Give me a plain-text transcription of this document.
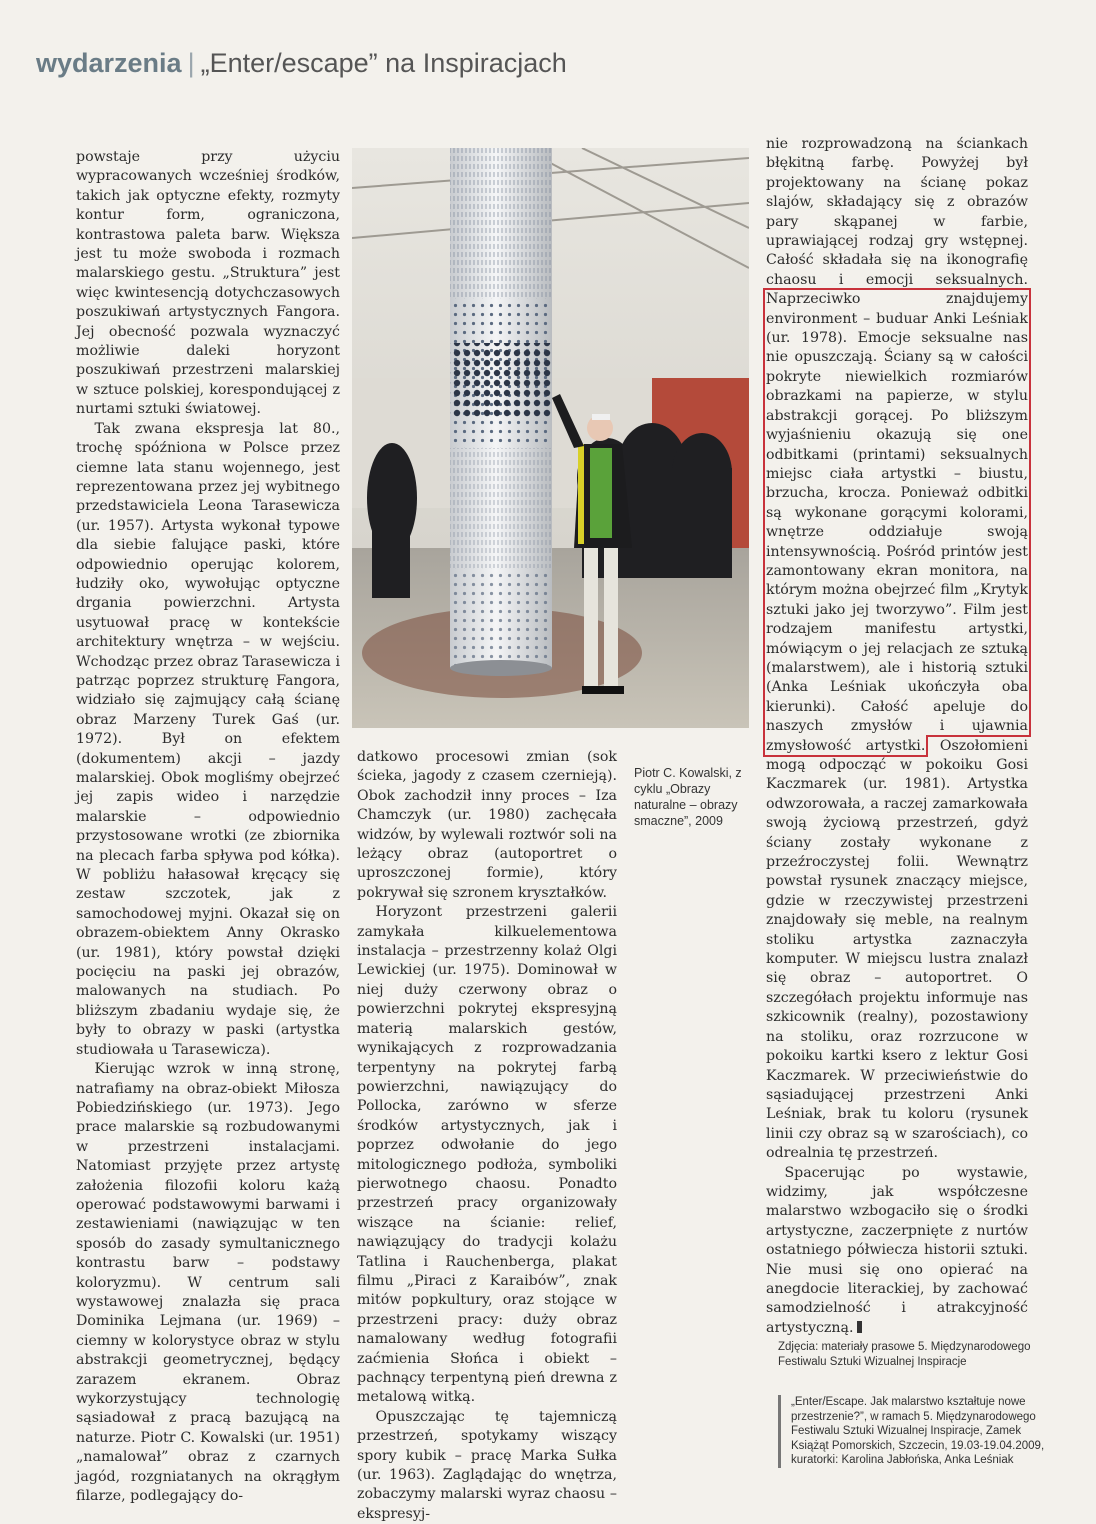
wydarzenia | „Enter/escape” na Inspiracjach

powstaje przy użyciu wypracowanych wcześniej środków, takich jak optyczne efekty, rozmyty kontur form, ograniczona, kontrastowa paleta barw. Większa jest tu może swoboda i rozmach malarskiego gestu. „Struktura” jest więc kwintesencją dotychczasowych poszukiwań artystycznych Fangora. Jej obecność pozwala wyznaczyć możliwie daleki horyzont poszukiwań przestrzeni malarskiej w sztuce polskiej, korespondującej z nurtami sztuki światowej.

Tak zwana ekspresja lat 80., trochę spóźniona w Polsce przez ciemne lata stanu wojennego, jest reprezentowana przez jej wybitnego przedstawiciela Leona Tarasewicza (ur. 1957). Artysta wykonał typowe dla siebie falujące paski, które odpowiednio operując kolorem, łudziły oko, wywołując optyczne drgania powierzchni. Artysta usytuował pracę w kontekście architektury wnętrza – w wejściu. Wchodząc przez obraz Tarasewicza i patrząc poprzez strukturę Fangora, widziało się zajmujący całą ścianę obraz Marzeny Turek Gaś (ur. 1972). Był on efektem (dokumentem) akcji – jazdy malarskiej. Obok mogliśmy obejrzeć jej zapis wideo i narzędzie malarskie – odpowiednio przystosowane wrotki (ze zbiornika na plecach farba spływa pod kółka). W pobliżu hałasował kręcący się zestaw szczotek, jak z samochodowej myjni. Okazał się on obrazem-obiektem Anny Okrasko (ur. 1981), który powstał dzięki pocięciu na paski jej obrazów, malowanych na studiach. Po bliższym zbadaniu wydaje się, że były to obrazy w paski (artystka studiowała u Tarasewicza).

Kierując wzrok w inną stronę, natrafiamy na obraz-obiekt Miłosza Pobiedzińskiego (ur. 1973). Jego prace malarskie są rozbudowanymi w przestrzeni instalacjami. Natomiast przyjęte przez artystę założenia filozofii koloru każą operować podstawowymi barwami i zestawieniami (nawiązując w ten sposób do zasady symultanicznego kontrastu barw – podstawy koloryzmu). W centrum sali wystawowej znalazła się praca Dominika Lejmana (ur. 1969) – ciemny w kolorystyce obraz w stylu abstrakcji geometrycznej, będący zarazem ekranem. Obraz wykorzystujący technologię sąsiadował z pracą bazującą na naturze. Piotr C. Kowalski (ur. 1951) „namalował” obraz z czarnych jagód, rozgniatanych na okrągłym filarze, podlegający do-

Piotr C. Kowalski, z cyklu „Obrazy naturalne – obrazy smaczne”, 2009

datkowo procesowi zmian (sok ścieka, jagody z czasem czernieją). Obok zachodził inny proces – Iza Chamczyk (ur. 1980) zachęcała widzów, by wylewali roztwór soli na leżący obraz (autoportret o uproszczonej formie), który pokrywał się szronem kryształków.

Horyzont przestrzeni galerii zamykała kilkuelementowa instalacja – przestrzenny kolaż Olgi Lewickiej (ur. 1975). Dominował w niej duży czerwony obraz o powierzchni pokrytej ekspresyjną materią malarskich gestów, wynikających z rozprowadzania terpentyny na pokrytej farbą powierzchni, nawiązujący do Pollocka, zarówno w sferze środków artystycznych, jak i poprzez odwołanie do jego mitologicznego podłoża, symboliki pierwotnego chaosu. Ponadto przestrzeń pracy organizowały wiszące na ścianie: relief, nawiązujący do tradycji kolażu Tatlina i Rauchenberga, plakat filmu „Piraci z Karaibów”, znak mitów popkultury, oraz stojące w przestrzeni pracy: duży obraz namalowany według fotografii zaćmienia Słońca i obiekt – pachnący terpentyną pień drewna z metalową witką.

Opuszczając tę tajemniczą przestrzeń, spotykamy wiszący spory kubik – pracę Marka Sułka (ur. 1963). Zaglądając do wnętrza, zobaczymy malarski wyraz chaosu – ekspresyj-

nie rozprowadzoną na ściankach błękitną farbę. Powyżej był projektowany na ścianę pokaz slajów, składający się z obrazów pary skąpanej w farbie, uprawiającej rodzaj gry wstępnej. Całość składała się na ikonografię chaosu i emocji seksualnych. Naprzeciwko znajdujemy environment – buduar Anki Leśniak (ur. 1978). Emocje seksualne nas nie opuszczają. Ściany są w całości pokryte niewielkich rozmiarów obrazkami na papierze, w stylu abstrakcji gorącej. Po bliższym wyjaśnieniu okazują się one odbitkami (printami) seksualnych miejsc ciała artystki – biustu, brzucha, krocza. Ponieważ odbitki są wykonane gorącymi kolorami, wnętrze oddziałuje swoją intensywnością. Pośród printów jest zamontowany ekran monitora, na którym można obejrzeć film „Krytyk sztuki jako jej tworzywo”. Film jest rodzajem manifestu artystki, mówiącym o jej relacjach ze sztuką (malarstwem), ale i historią sztuki (Anka Leśniak ukończyła oba kierunki). Całość apeluje do naszych zmysłów i ujawnia zmysłowość artystki. Oszołomieni mogą odpocząć w pokoiku Gosi Kaczmarek (ur. 1981). Artystka odwzorowała, a raczej zamarkowała swoją życiową przestrzeń, gdyż ściany zostały wykonane z przeźroczystej folii. Wewnątrz powstał rysunek znaczący miejsce, gdzie w rzeczywistej przestrzeni znajdowały się meble, na realnym stoliku artystka zaznaczyła komputer. W miejscu lustra znalazł się obraz – autoportret. O szczegółach projektu informuje nas szkicownik (realny), pozostawiony na stoliku, oraz rozrzucone w pokoiku kartki ksero z lektur Gosi Kaczmarek. W przeciwieństwie do sąsiadującej przestrzeni Anki Leśniak, brak tu koloru (rysunek linii czy obraz są w szarościach), co odrealnia tę przestrzeń.

Spacerując po wystawie, widzimy, jak współczesne malarstwo wzbogaciło się o środki artystyczne, zaczerpnięte z nurtów ostatniego półwiecza historii sztuki. Nie musi się ono opierać na anegdocie literackiej, by zachować samodzielność i atrakcyjność artystyczną.

Zdjęcia: materiały prasowe 5. Międzynarodowego Festiwalu Sztuki Wizualnej Inspiracje
„Enter/Escape. Jak malarstwo kształtuje nowe przestrzenie?”, w ramach 5. Międzynarodowego Festiwalu Sztuki Wizualnej Inspiracje, Zamek Książąt Pomorskich, Szczecin, 19.03-19.04.2009, kuratorki: Karolina Jabłońska, Anka Leśniak
